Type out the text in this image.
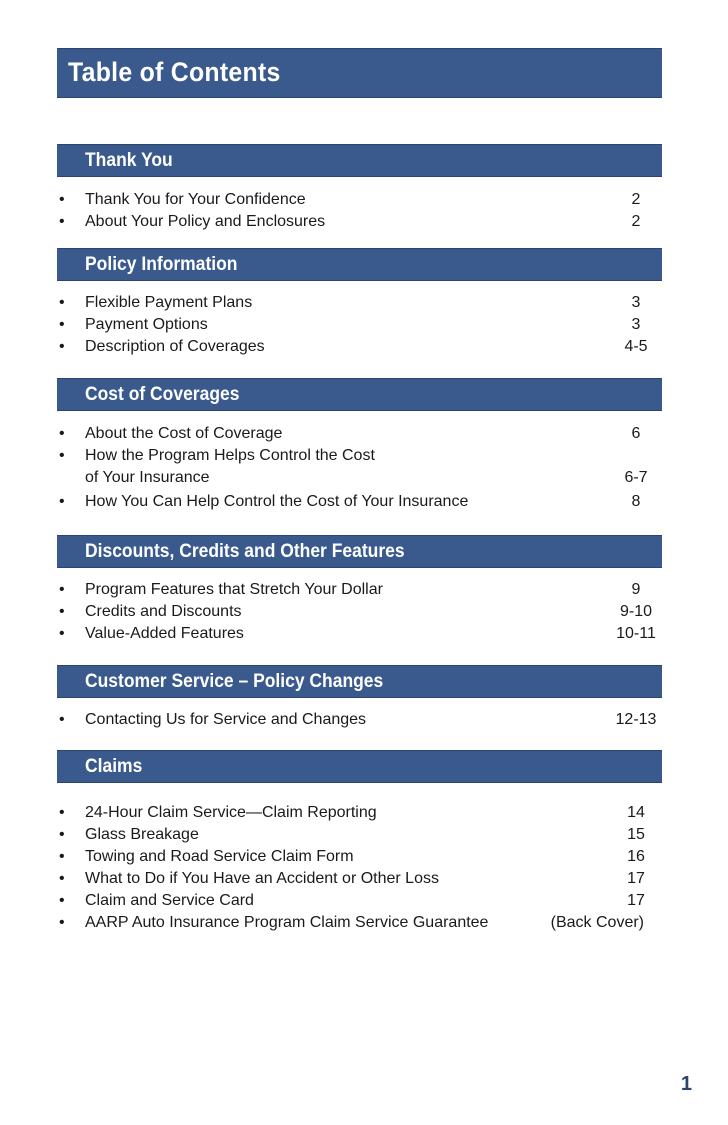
Table of Contents
Thank You
• Thank You for Your Confidence	2
• About Your Policy and Enclosures	2
Policy Information
• Flexible Payment Plans	3
• Payment Options	3
• Description of Coverages	4-5
Cost of Coverages
• About the Cost of Coverage	6
• How the Program Helps Control the Cost
of Your Insurance	6-7
• How You Can Help Control the Cost of Your Insurance	8
Discounts, Credits and Other Features
• Program Features that Stretch Your Dollar	9
• Credits and Discounts	9-10
• Value-Added Features	10-11
Customer Service – Policy Changes
• Contacting Us for Service and Changes	12-13
Claims
• 24-Hour Claim Service—Claim Reporting	14
• Glass Breakage	15
• Towing and Road Service Claim Form	16
• What to Do if You Have an Accident or Other Loss	17
• Claim and Service Card	17
• AARP Auto Insurance Program Claim Service Guarantee	(Back Cover)
1
